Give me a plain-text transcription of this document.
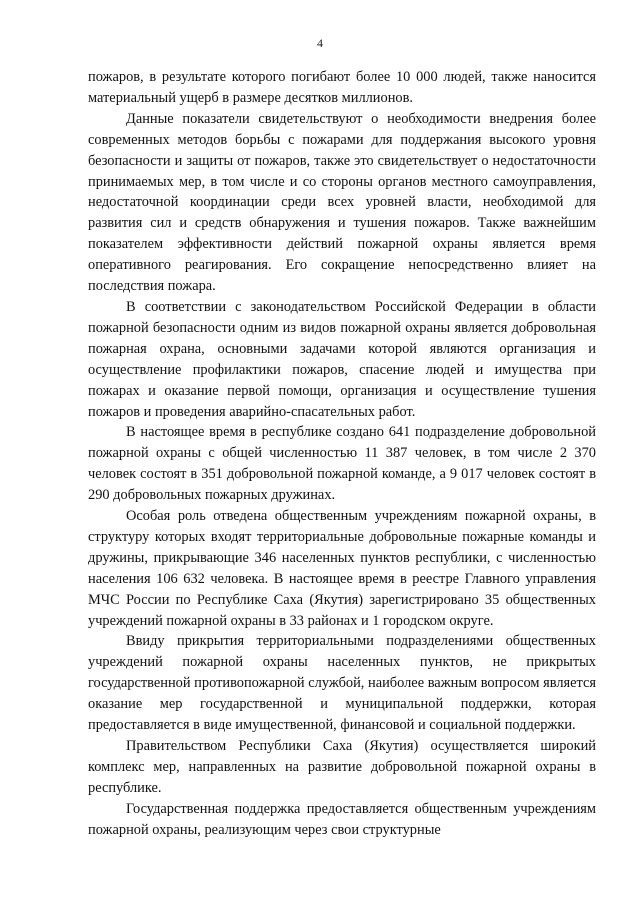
4

пожаров, в результате которого погибают более 10 000 людей, также наносится материальный ущерб в размере десятков миллионов.

Данные показатели свидетельствуют о необходимости внедрения более современных методов борьбы с пожарами для поддержания высокого уровня безопасности и защиты от пожаров, также это свидетельствует о недостаточности принимаемых мер, в том числе и со стороны органов местного самоуправления, недостаточной координации среди всех уровней власти, необходимой для развития сил и средств обнаружения и тушения пожаров. Также важнейшим показателем эффективности действий пожарной охраны является время оперативного реагирования. Его сокращение непосредственно влияет на последствия пожара.

В соответствии с законодательством Российской Федерации в области пожарной безопасности одним из видов пожарной охраны является добровольная пожарная охрана, основными задачами которой являются организация и осуществление профилактики пожаров, спасение людей и имущества при пожарах и оказание первой помощи, организация и осуществление тушения пожаров и проведения аварийно-спасательных работ.

В настоящее время в республике создано 641 подразделение добровольной пожарной охраны с общей численностью 11 387 человек, в том числе 2 370 человек состоят в 351 добровольной пожарной команде, а 9 017 человек состоят в 290 добровольных пожарных дружинах.

Особая роль отведена общественным учреждениям пожарной охраны, в структуру которых входят территориальные добровольные пожарные команды и дружины, прикрывающие 346 населенных пунктов республики, с численностью населения 106 632 человека. В настоящее время в реестре Главного управления МЧС России по Республике Саха (Якутия) зарегистрировано 35 общественных учреждений пожарной охраны в 33 районах и 1 городском округе.

Ввиду прикрытия территориальными подразделениями общественных учреждений пожарной охраны населенных пунктов, не прикрытых государственной противопожарной службой, наиболее важным вопросом является оказание мер государственной и муниципальной поддержки, которая предоставляется в виде имущественной, финансовой и социальной поддержки.

Правительством Республики Саха (Якутия) осуществляется широкий комплекс мер, направленных на развитие добровольной пожарной охраны в республике.

Государственная поддержка предоставляется общественным учреждениям пожарной охраны, реализующим через свои структурные
